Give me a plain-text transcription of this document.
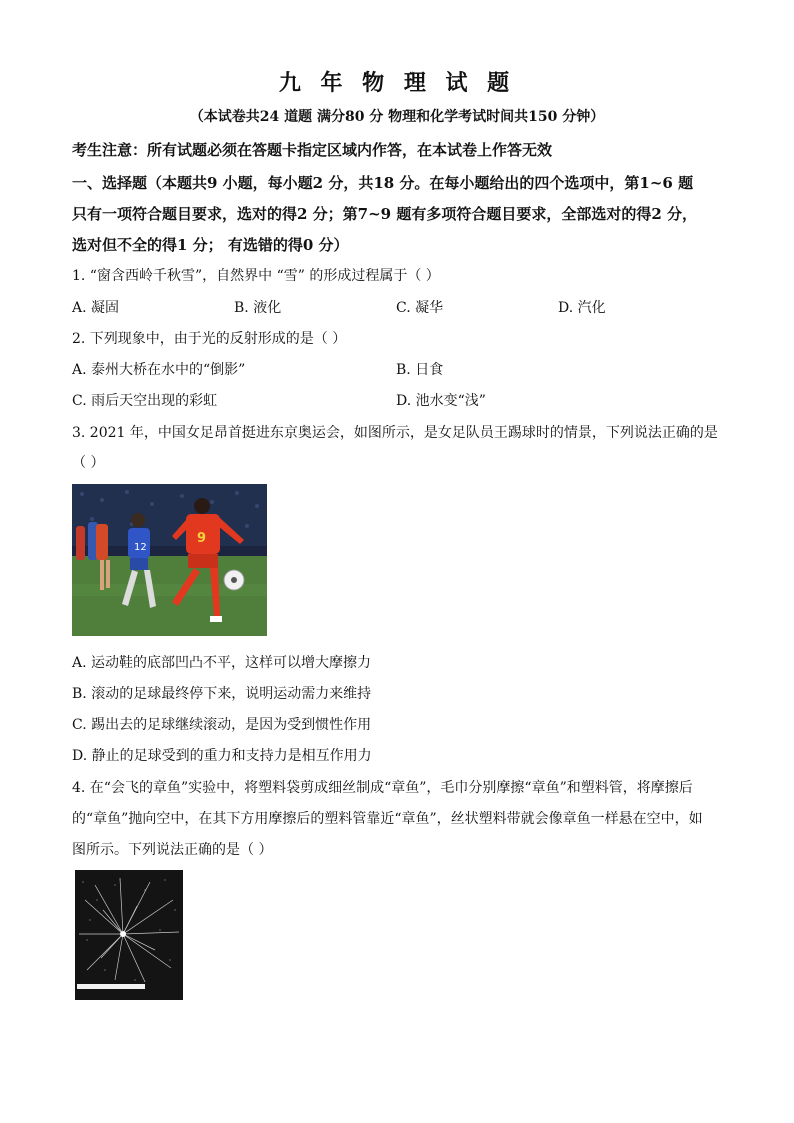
九 年 物 理 试 题
（本试卷共24 道题 满分80 分 物理和化学考试时间共150 分钟）
考生注意：所有试题必须在答题卡指定区域内作答，在本试卷上作答无效
一、选择题（本题共9 小题，每小题2 分，共18 分。在每小题给出的四个选项中，第1~6 题
只有一项符合题目要求，选对的得2 分；第7~9 题有多项符合题目要求，全部选对的得2 分，
选对但不全的得1 分； 有选错的得0 分）
1. “窗含西岭千秋雪”，自然界中 “雪” 的形成过程属于（ ）
A. 凝固	B. 液化	C. 凝华	D. 汽化
2. 下列现象中，由于光的反射形成的是（ ）
A. 泰州大桥在水中的“倒影”	B. 日食
C. 雨后天空出现的彩虹	D. 池水变“浅”
3. 2021 年，中国女足昂首挺进东京奥运会，如图所示，是女足队员王踢球时的情景，下列说法正确的是
（ ）
12
9
A. 运动鞋的底部凹凸不平，这样可以增大摩擦力
B. 滚动的足球最终停下来，说明运动需力来维持
C. 踢出去的足球继续滚动，是因为受到惯性作用
D. 静止的足球受到的重力和支持力是相互作用力
4. 在“会飞的章鱼”实验中，将塑料袋剪成细丝制成“章鱼”，毛巾分别摩擦“章鱼”和塑料管，将摩擦后
的“章鱼”抛向空中，在其下方用摩擦后的塑料管靠近“章鱼”，丝状塑料带就会像章鱼一样悬在空中，如
图所示。下列说法正确的是（ ）
